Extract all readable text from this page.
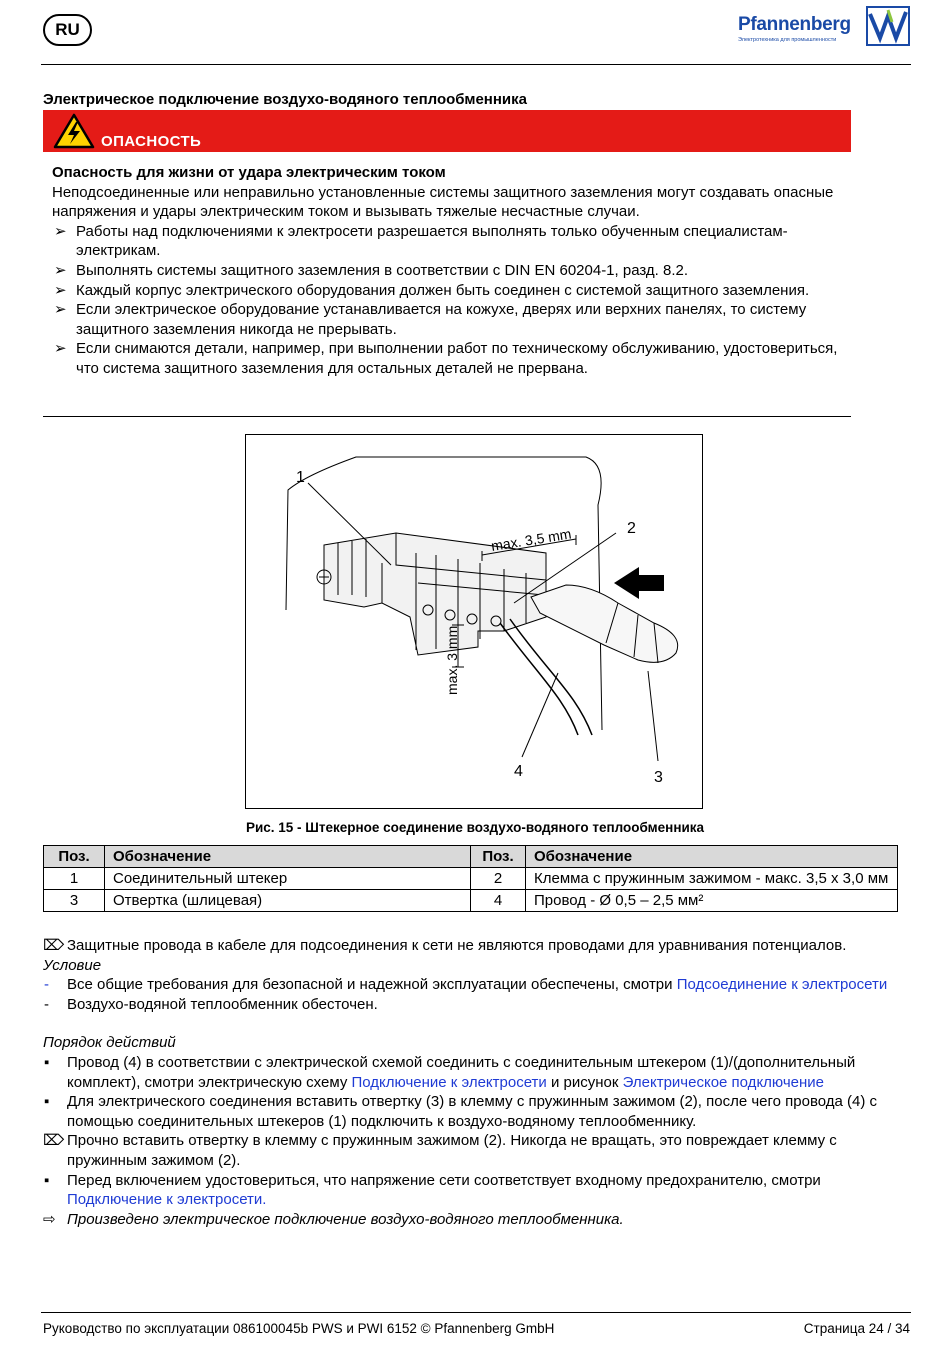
RU	Pfannenberg
Электротехника для промышленности
Электрическое подключение воздухо-водяного теплообменника
ОПАСНОСТЬ

Опасность для жизни от удара электрическим током

Неподсоединенные или неправильно установленные системы защитного заземления могут создавать опасные напряжения и удары электрическим током и вызывать тяжелые несчастные случаи.

➢ Работы над подключениями к электросети разрешается выполнять только обученным специалистам-электрикам.
➢ Выполнять системы защитного заземления в соответствии с DIN EN 60204-1, разд. 8.2.
➢ Каждый корпус электрического оборудования должен быть соединен с системой защитного заземления.
➢ Если электрическое оборудование устанавливается на кожухе, дверях или верхних панелях, то систему защитного заземления никогда не прерывать.
➢ Если снимаются детали, например, при выполнении работ по техническому обслуживанию, удостовериться, что система защитного заземления для остальных деталей не прервана.
1
2
3
4
max. 3,5 mm
max. 3 mm
Рис. 15 - Штекерное соединение воздухо-водяного теплообменника
Поз.	Обозначение	Поз.	Обозначение
1	Соединительный штекер	2	Клемма с пружинным зажимом - макс. 3,5 x 3,0 мм
3	Отвертка (шлицевая)	4	Провод - Ø 0,5 – 2,5 мм²
⌦ Защитные провода в кабеле для подсоединения к сети не являются проводами для уравнивания потенциалов.

Условие

- Все общие требования для безопасной и надежной эксплуатации обеспечены, смотри Подсоединение к электросети
- Воздухо-водяной теплообменник обесточен.

Порядок действий

▪ Провод (4) в соответствии с электрической схемой соединить с соединительным штекером (1)/(дополнительный комплект), смотри электрическую схему Подключение к электросети и рисунок Электрическое подключение
▪ Для электрического соединения вставить отвертку (3) в клемму с пружинным зажимом (2), после чего провода (4) с помощью соединительных штекеров (1) подключить к воздухо-водяному теплообменнику.
⌦ Прочно вставить отвертку в клемму с пружинным зажимом (2). Никогда не вращать, это повреждает клемму с пружинным зажимом (2).
▪ Перед включением удостовериться, что напряжение сети соответствует входному предохранителю, смотри Подключение к электросети.
⇨ Произведено электрическое подключение воздухо-водяного теплообменника.
Руководство по эксплуатации 086100045b PWS и PWI 6152 © Pfannenberg GmbH	Страница 24 / 34
